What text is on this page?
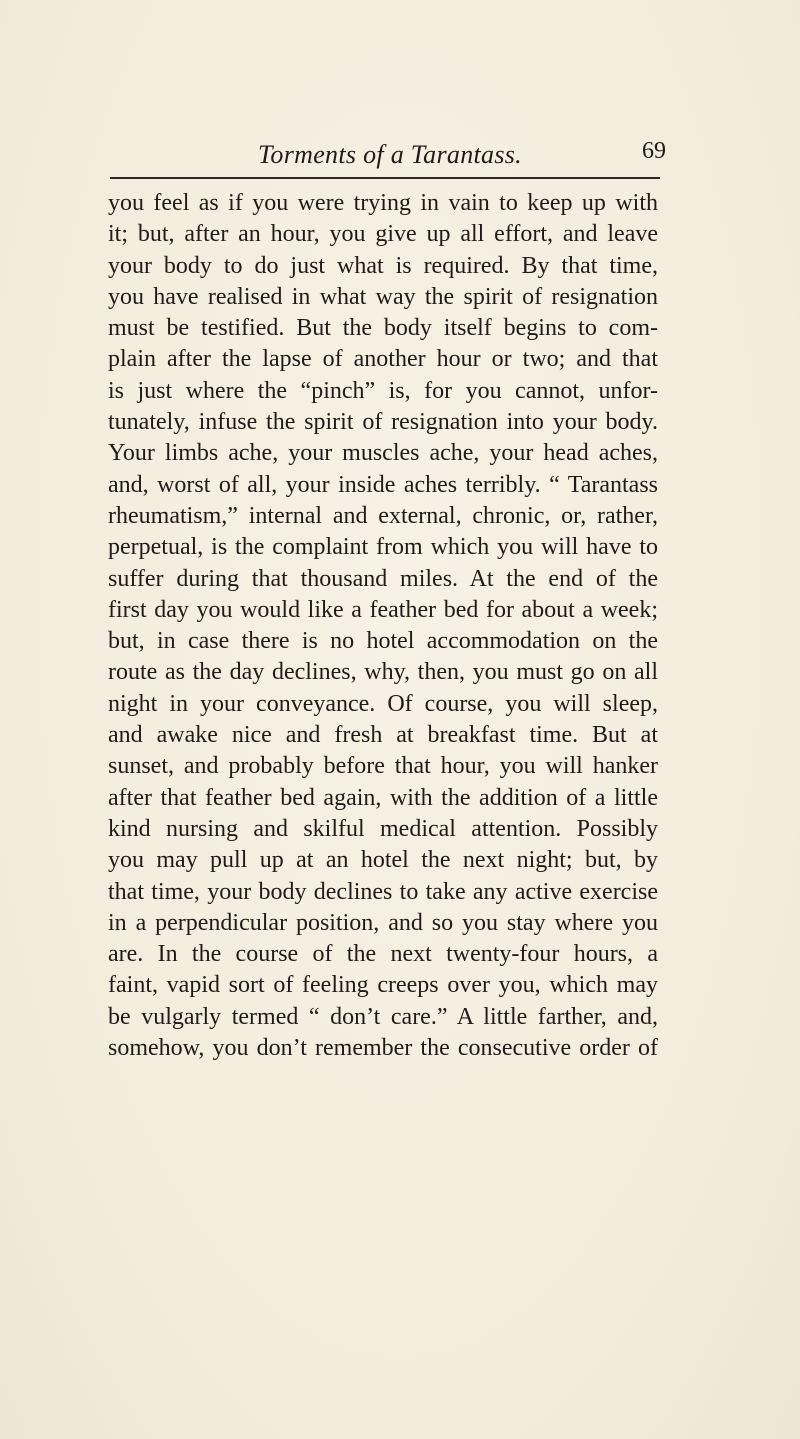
Torments of a Tarantass.	69
you feel as if you were trying in vain to keep up with
it; but, after an hour, you give up all effort, and leave
your body to do just what is required. By that time,
you have realised in what way the spirit of resignation
must be testified. But the body itself begins to com-
plain after the lapse of another hour or two; and that
is just where the “pinch” is, for you cannot, unfor-
tunately, infuse the spirit of resignation into your body.
Your limbs ache, your muscles ache, your head aches,
and, worst of all, your inside aches terribly. “ Tarantass
rheumatism,” internal and external, chronic, or, rather,
perpetual, is the complaint from which you will have to
suffer during that thousand miles. At the end of the
first day you would like a feather bed for about a week;
but, in case there is no hotel accommodation on the
route as the day declines, why, then, you must go on all
night in your conveyance. Of course, you will sleep,
and awake nice and fresh at breakfast time. But at
sunset, and probably before that hour, you will hanker
after that feather bed again, with the addition of a little
kind nursing and skilful medical attention. Possibly
you may pull up at an hotel the next night; but, by
that time, your body declines to take any active exercise
in a perpendicular position, and so you stay where you
are. In the course of the next twenty-four hours, a
faint, vapid sort of feeling creeps over you, which may
be vulgarly termed “ don’t care.” A little farther, and,
somehow, you don’t remember the consecutive order of
